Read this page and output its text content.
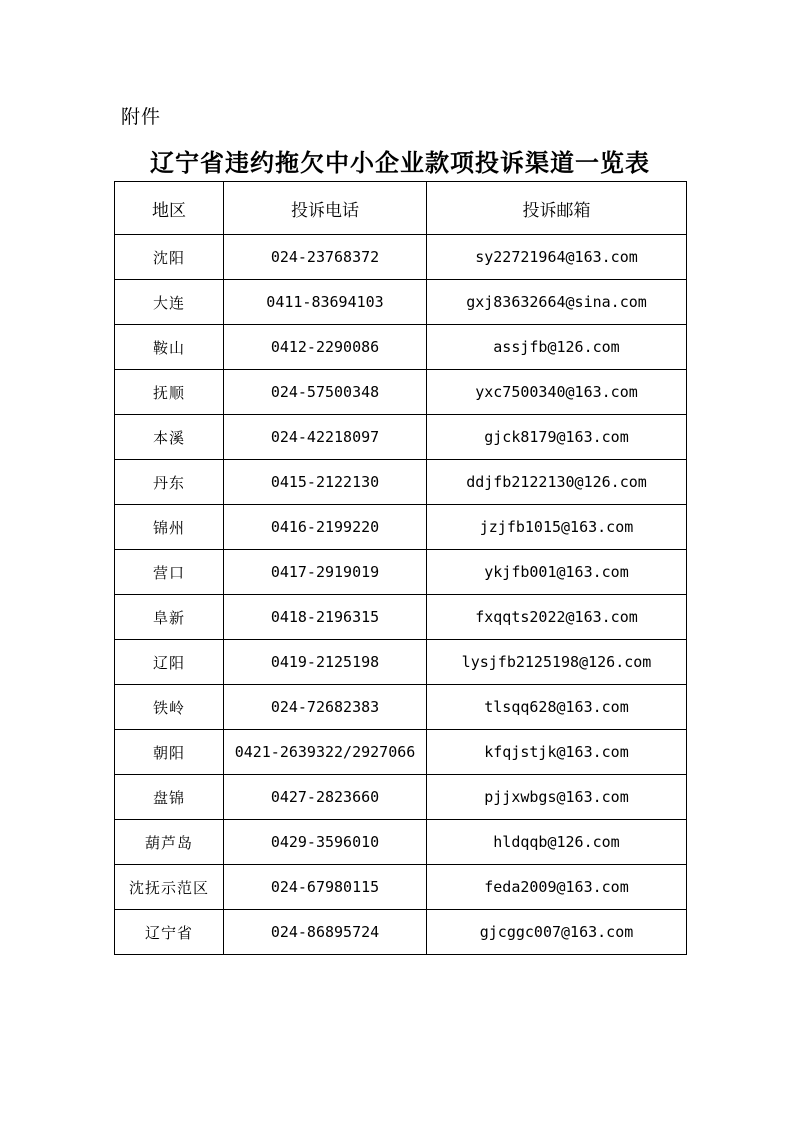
附件
辽宁省违约拖欠中小企业款项投诉渠道一览表
地区	投诉电话	投诉邮箱
沈阳	024-23768372	sy22721964@163.com
大连	0411-83694103	gxj83632664@sina.com
鞍山	0412-2290086	assjfb@126.com
抚顺	024-57500348	yxc7500340@163.com
本溪	024-42218097	gjck8179@163.com
丹东	0415-2122130	ddjfb2122130@126.com
锦州	0416-2199220	jzjfb1015@163.com
营口	0417-2919019	ykjfb001@163.com
阜新	0418-2196315	fxqqts2022@163.com
辽阳	0419-2125198	lysjfb2125198@126.com
铁岭	024-72682383	tlsqq628@163.com
朝阳	0421-2639322/2927066	kfqjstjk@163.com
盘锦	0427-2823660	pjjxwbgs@163.com
葫芦岛	0429-3596010	hldqqb@126.com
沈抚示范区	024-67980115	feda2009@163.com
辽宁省	024-86895724	gjcggc007@163.com
